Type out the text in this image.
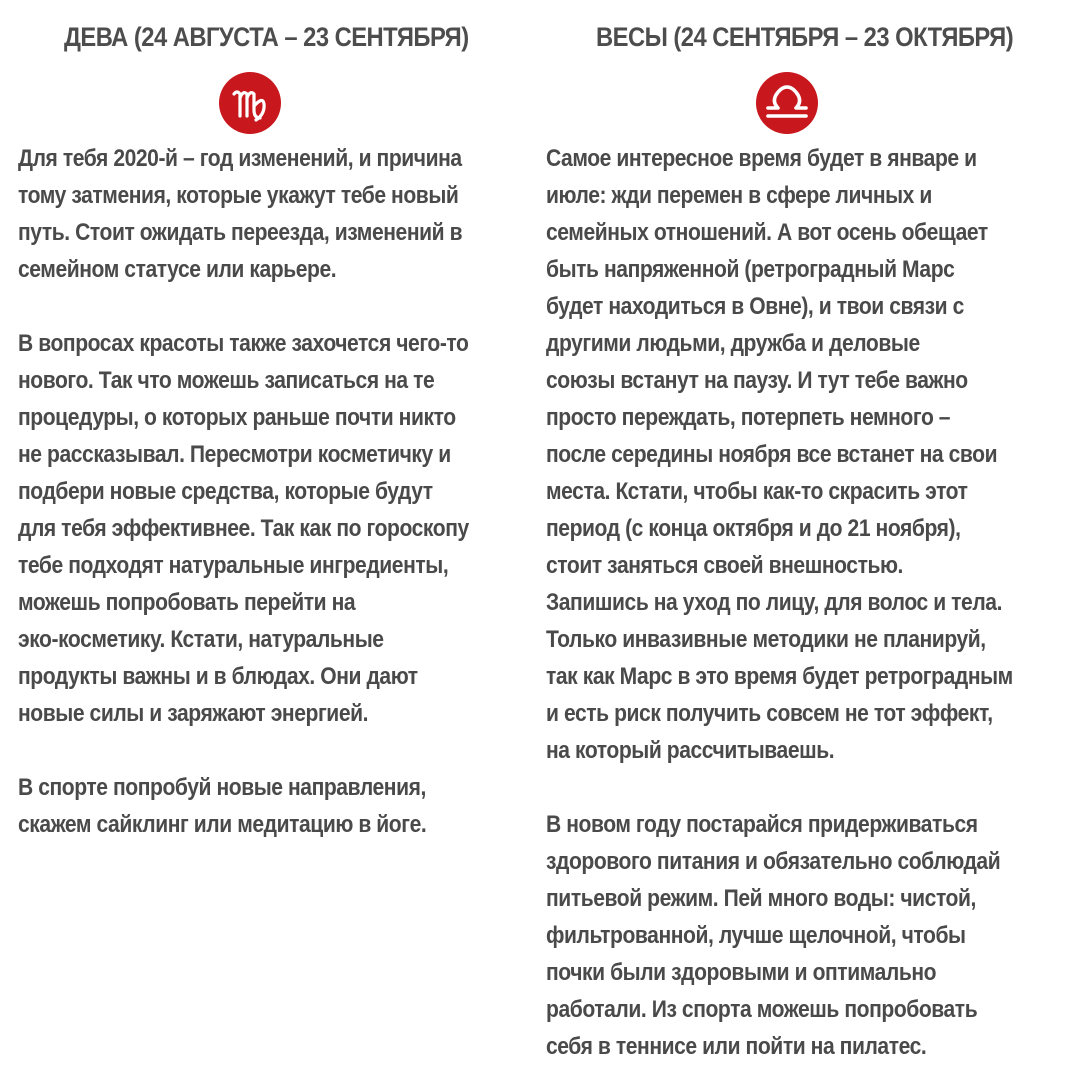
ДЕВА (24 АВГУСТА – 23 СЕНТЯБРЯ)

Для тебя 2020-й – год изменений, и причина
тому затмения, которые укажут тебе новый
путь. Стоит ожидать переезда, изменений в
семейном статусе или карьере.

В вопросах красоты также захочется чего-то
нового. Так что можешь записаться на те
процедуры, о которых раньше почти никто
не рассказывал. Пересмотри косметичку и
подбери новые средства, которые будут
для тебя эффективнее. Так как по гороскопу
тебе подходят натуральные ингредиенты,
можешь попробовать перейти на
эко-косметику. Кстати, натуральные
продукты важны и в блюдах. Они дают
новые силы и заряжают энергией.

В спорте попробуй новые направления,
скажем сайклинг или медитацию в йоге.

ВЕСЫ (24 СЕНТЯБРЯ – 23 ОКТЯБРЯ)

Самое интересное время будет в январе и
июле: жди перемен в сфере личных и
семейных отношений. А вот осень обещает
быть напряженной (ретроградный Марс
будет находиться в Овне), и твои связи с
другими людьми, дружба и деловые
союзы встанут на паузу. И тут тебе важно
просто переждать, потерпеть немного –
после середины ноября все встанет на свои
места. Кстати, чтобы как-то скрасить этот
период (с конца октября и до 21 ноября),
стоит заняться своей внешностью.
Запишись на уход по лицу, для волос и тела.
Только инвазивные методики не планируй,
так как Марс в это время будет ретроградным
и есть риск получить совсем не тот эффект,
на который рассчитываешь.

В новом году постарайся придерживаться
здорового питания и обязательно соблюдай
питьевой режим. Пей много воды: чистой,
фильтрованной, лучше щелочной, чтобы
почки были здоровыми и оптимально
работали. Из спорта можешь попробовать
себя в теннисе или пойти на пилатес.
